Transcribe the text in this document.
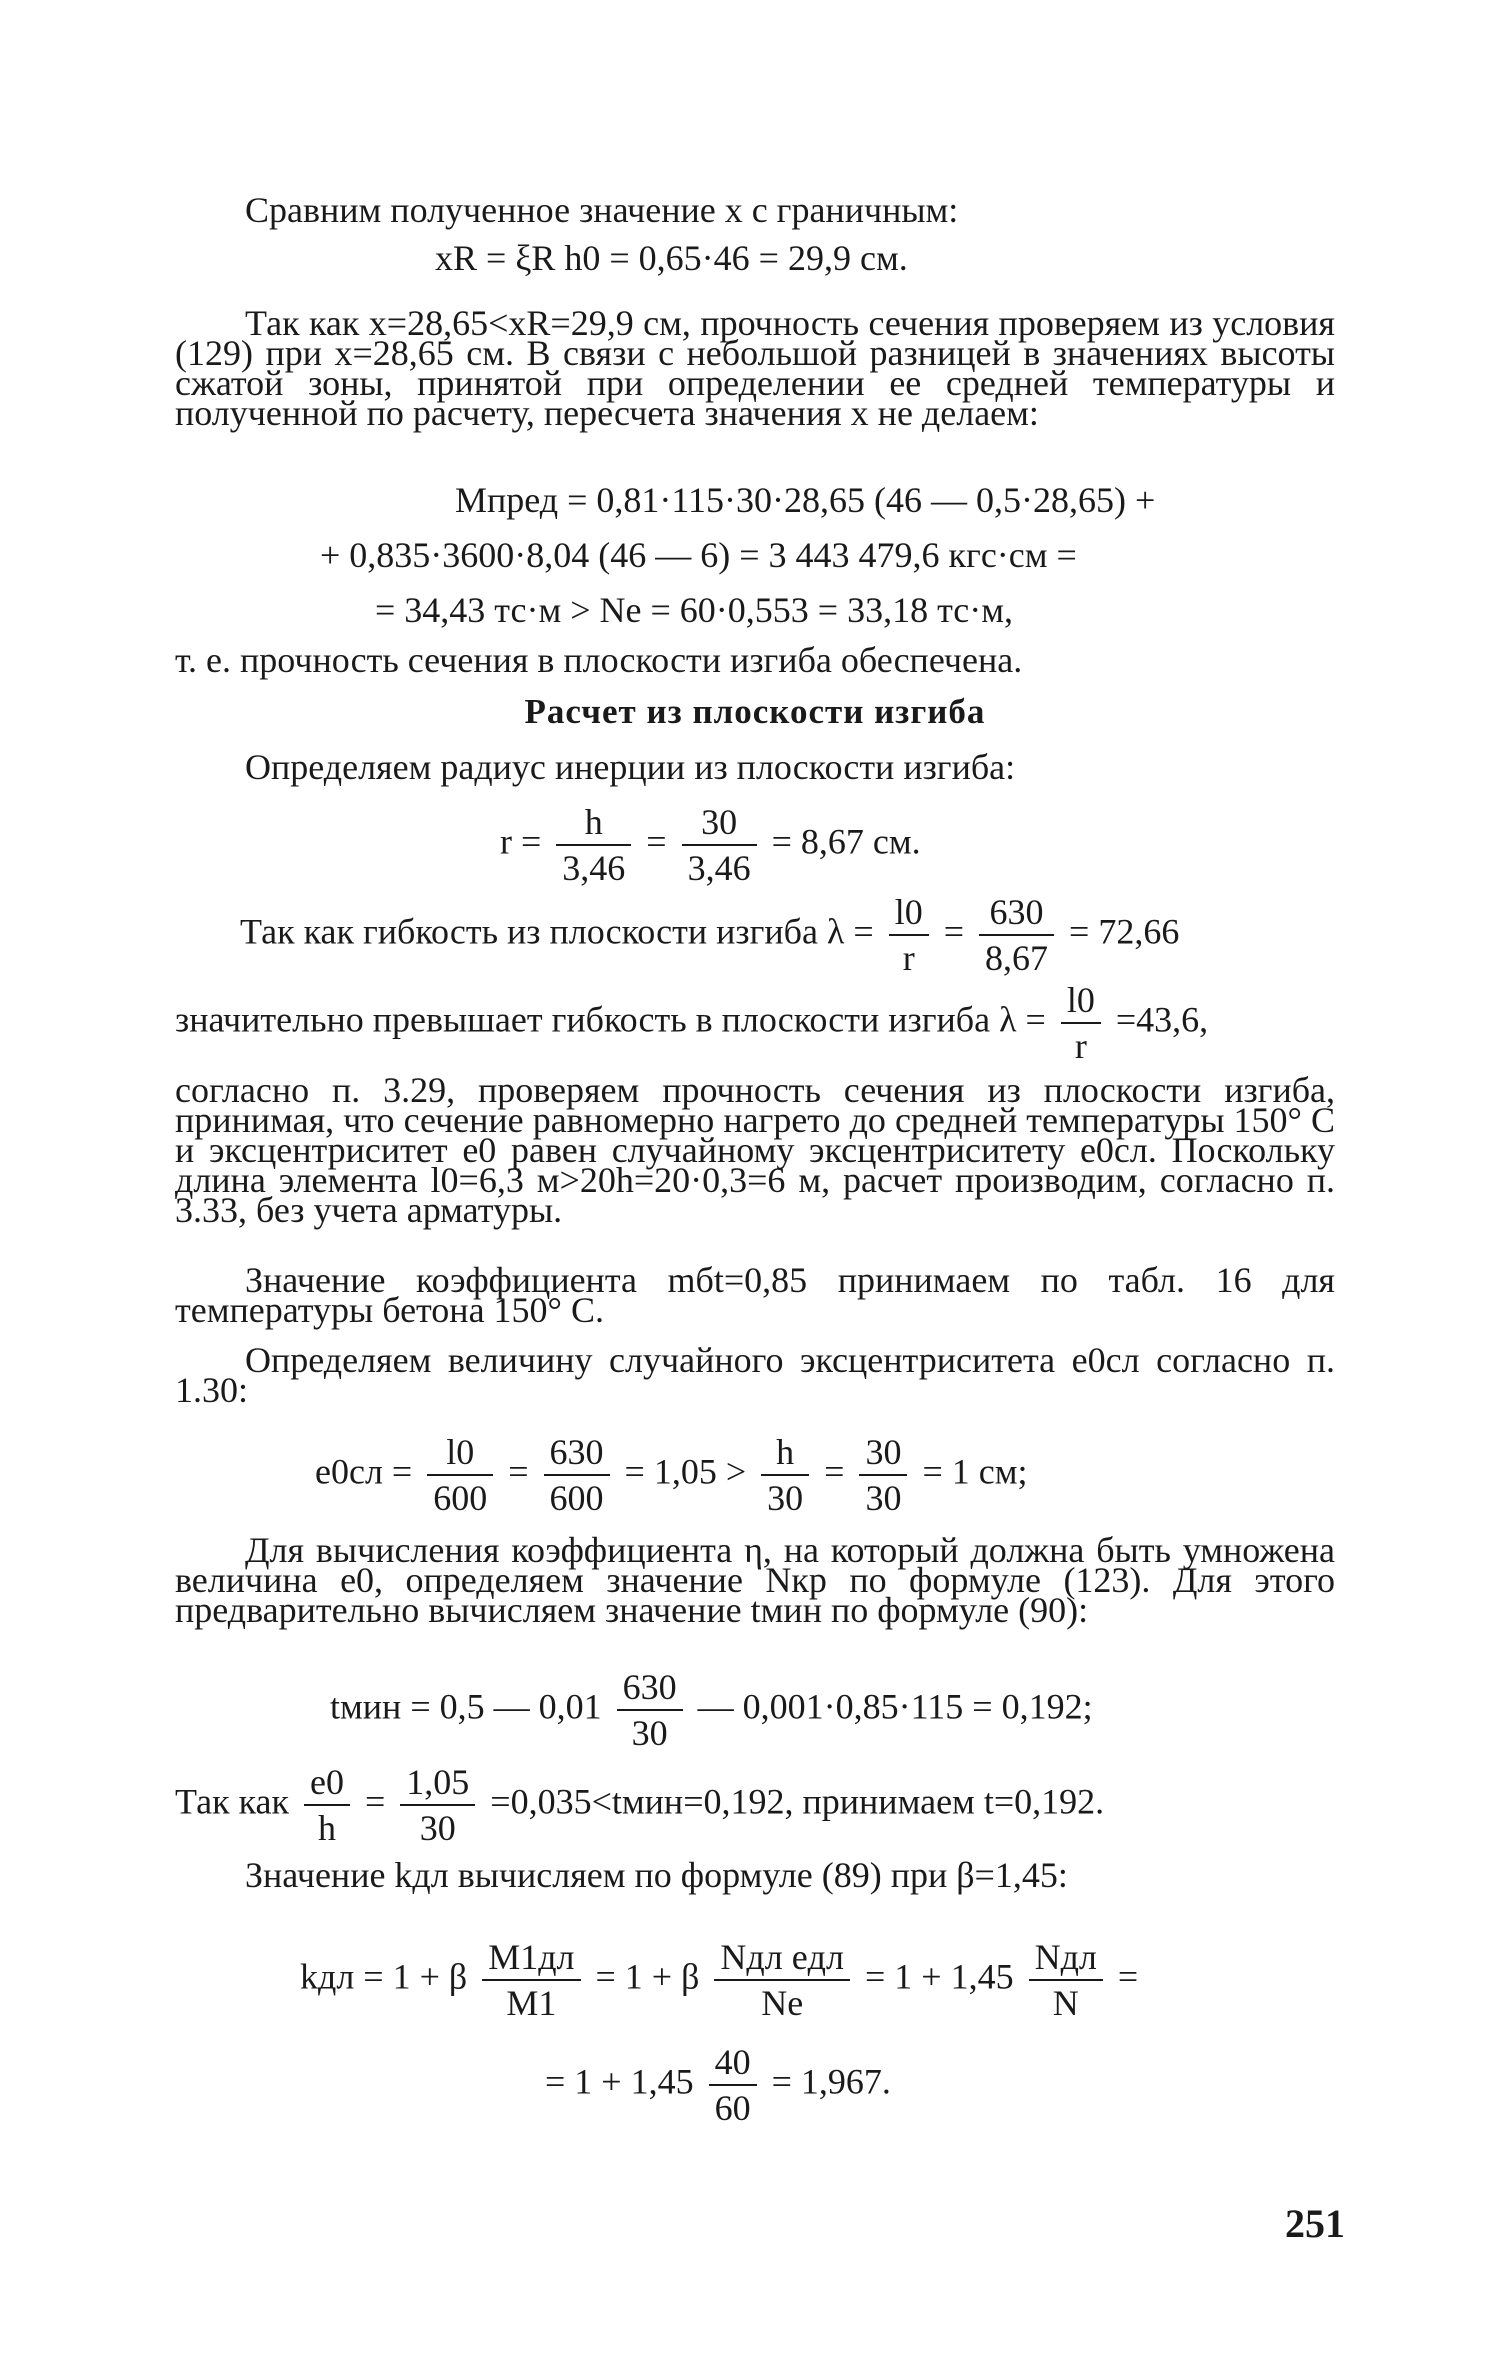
Сравним полученное значение x с граничным:
xR = ξR h0 = 0,65·46 = 29,9 см.
Так как x=28,65<xR=29,9 см, прочность сечения проверяем из условия (129) при x=28,65 см. В связи с небольшой разницей в значениях высоты сжатой зоны, принятой при определении ее средней температуры и полученной по расчету, пересчета значения x не делаем:
Mпред = 0,81·115·30·28,65 (46 — 0,5·28,65) +
+ 0,835·3600·8,04 (46 — 6) = 3 443 479,6 кгс·см =
= 34,43 тс·м > Ne = 60·0,553 = 33,18 тс·м,
т. е. прочность сечения в плоскости изгиба обеспечена.
Расчет из плоскости изгиба
Определяем радиус инерции из плоскости изгиба:
$r = \frac{h}{3,46} = \frac{30}{3,46} = 8,67$ см.
Так как гибкость из плоскости изгиба $\lambda = \frac{l0}{r} = \frac{630}{8,67} = 72,66$
значительно превышает гибкость в плоскости изгиба $\lambda = \frac{l0}{r} =43,6$,
согласно п. 3.29, проверяем прочность сечения из плоскости изгиба, принимая, что сечение равномерно нагрето до средней температуры 150° С и эксцентриситет e0 равен случайному эксцентриситету e0сл. Поскольку длина элемента l0=6,3 м>20h=20·0,3=6 м, расчет производим, согласно п. 3.33, без учета арматуры.
Значение коэффициента mбt=0,85 принимаем по табл. 16 для температуры бетона 150° С.
Определяем величину случайного эксцентриситета e0сл согласно п. 1.30:
$e0сл = \frac{l0}{600} = \frac{630}{600} = 1,05 > \frac{h}{30} = \frac{30}{30} = 1$ см;
Для вычисления коэффициента η, на который должна быть умножена величина e0, определяем значение Nкр по формуле (123). Для этого предварительно вычисляем значение tмин по формуле (90):
tмин = 0,5 — $0,01 \frac{630}{30}$ — 0,001·0,85·115 = 0,192;
Так как $\frac{e0}{h} = \frac{1,05}{30}$ =0,035<tмин=0,192, принимаем t=0,192.
Значение kдл вычисляем по формуле (89) при β=1,45:
kдл = 1 + β $\frac{M1дл}{M1} = 1 + \beta \frac{\text{Nдл eдл}}{Ne} = 1 + 1,45 \frac{\text{Nдл}}{N}$ =
= $1 + 1,45 \frac{40}{60} = 1,967$.
251
